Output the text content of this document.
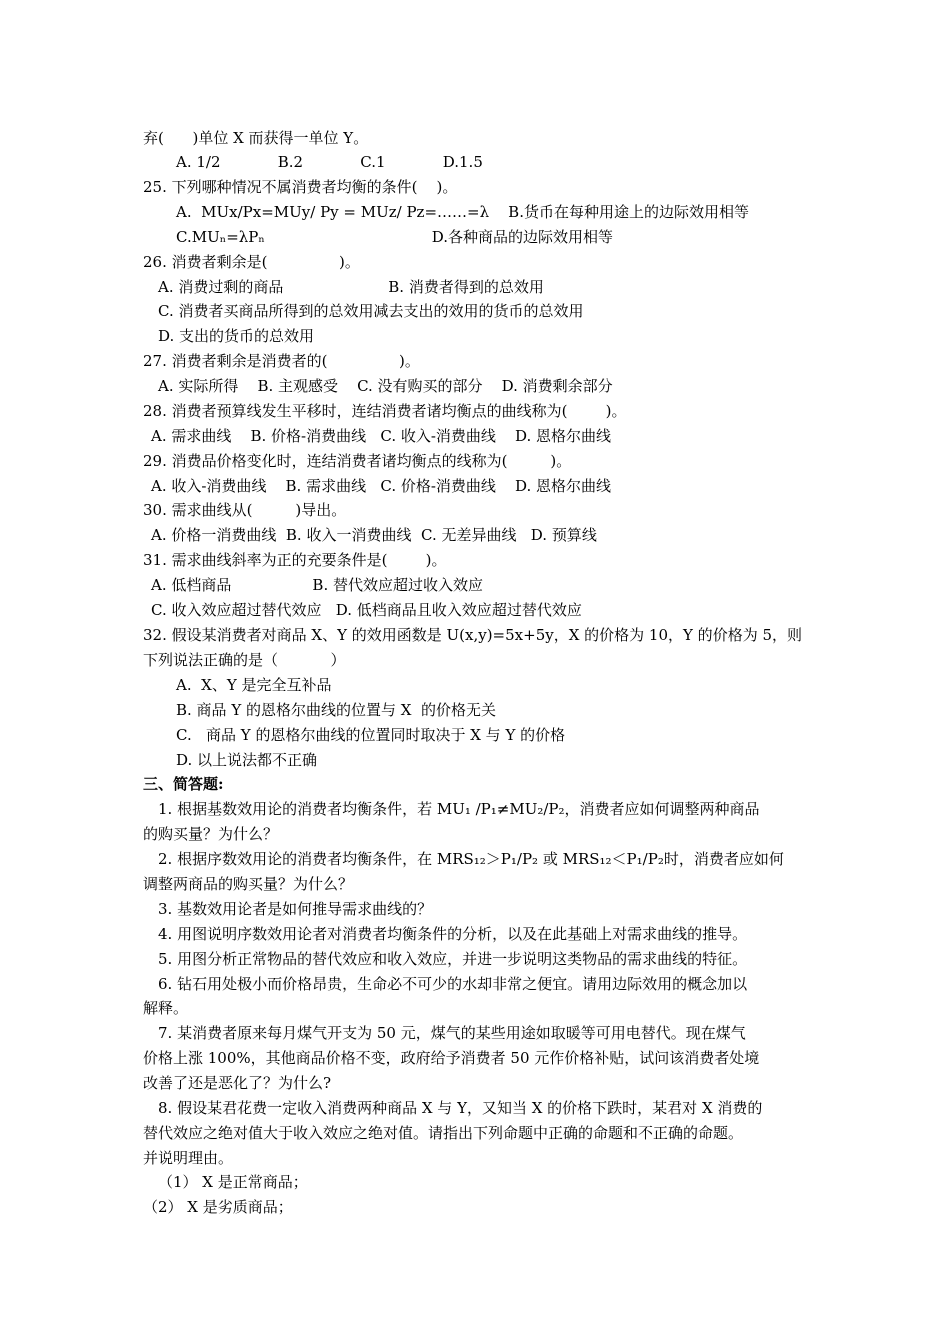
弃(      )单位 X 而获得一单位 Y。
A. 1/2            B.2            C.1            D.1.5
25. 下列哪种情况不属消费者均衡的条件(    )。
A.  MUx/Px=MUy/ Py = MUz/ Pz=……=λ    B.货币在每种用途上的边际效用相等
C.MUₙ=λPₙ                                   D.各种商品的边际效用相等
26. 消费者剩余是(               )。
A. 消费过剩的商品                      B. 消费者得到的总效用
C. 消费者买商品所得到的总效用减去支出的效用的货币的总效用
D. 支出的货币的总效用
27. 消费者剩余是消费者的(               )。
A. 实际所得    B. 主观感受    C. 没有购买的部分    D. 消费剩余部分
28. 消费者预算线发生平移时，连结消费者诸均衡点的曲线称为(        )。
A. 需求曲线    B. 价格-消费曲线   C. 收入-消费曲线    D. 恩格尔曲线
29. 消费品价格变化时，连结消费者诸均衡点的线称为(         )。
A. 收入-消费曲线    B. 需求曲线   C. 价格-消费曲线    D. 恩格尔曲线
30. 需求曲线从(         )导出。
A. 价格一消费曲线  B. 收入一消费曲线  C. 无差异曲线   D. 预算线
31. 需求曲线斜率为正的充要条件是(        )。
A. 低档商品                 B. 替代效应超过收入效应
C. 收入效应超过替代效应   D. 低档商品且收入效应超过替代效应
32. 假设某消费者对商品 X、Y 的效用函数是 U(x,y)=5x+5y，X 的价格为 10，Y 的价格为 5，则
下列说法正确的是（           ）
A.  X、Y 是完全互补品
B. 商品 Y 的恩格尔曲线的位置与 X  的价格无关
C.   商品 Y 的恩格尔曲线的位置同时取决于 X 与 Y 的价格
D. 以上说法都不正确
三、简答题:
1. 根据基数效用论的消费者均衡条件，若 MU₁ /P₁≠MU₂/P₂，消费者应如何调整两种商品
的购买量？为什么？
2. 根据序数效用论的消费者均衡条件，在 MRS₁₂＞P₁/P₂ 或 MRS₁₂＜P₁/P₂时，消费者应如何
调整两商品的购买量？为什么？
3. 基数效用论者是如何推导需求曲线的？
4. 用图说明序数效用论者对消费者均衡条件的分析，以及在此基础上对需求曲线的推导。
5. 用图分析正常物品的替代效应和收入效应，并进一步说明这类物品的需求曲线的特征。
6. 钻石用处极小而价格昂贵，生命必不可少的水却非常之便宜。请用边际效用的概念加以
解释。
7. 某消费者原来每月煤气开支为 50 元，煤气的某些用途如取暖等可用电替代。现在煤气
价格上涨 100%，其他商品价格不变，政府给予消费者 50 元作价格补贴，试问该消费者处境
改善了还是恶化了？为什么?
8. 假设某君花费一定收入消费两种商品 X 与 Y，又知当 X 的价格下跌时，某君对 X 消费的
替代效应之绝对值大于收入效应之绝对值。请指出下列命题中正确的命题和不正确的命题。
并说明理由。
（1） X 是正常商品；
（2） X 是劣质商品；
